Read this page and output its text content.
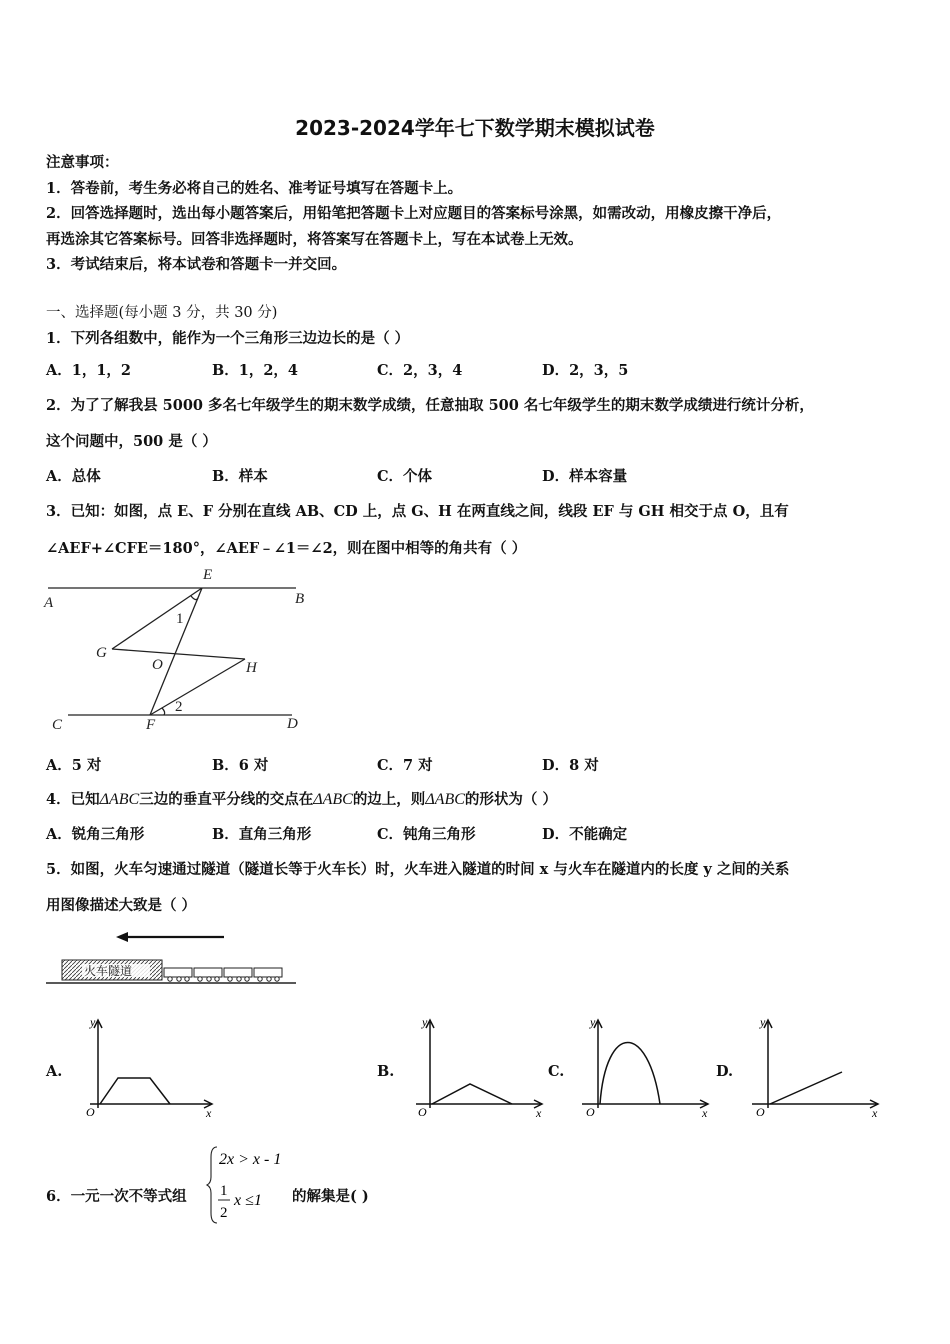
2023-2024学年七下数学期末模拟试卷
注意事项：
1．答卷前，考生务必将自己的姓名、准考证号填写在答题卡上。
2．回答选择题时，选出每小题答案后，用铅笔把答题卡上对应题目的答案标号涂黑，如需改动，用橡皮擦干净后，
再选涂其它答案标号。回答非选择题时，将答案写在答题卡上，写在本试卷上无效。
3．考试结束后，将本试卷和答题卡一并交回。
一、选择题(每小题 3 分，共 30 分)
1．下列各组数中，能作为一个三角形三边边长的是（ ）
A．1，1，2	B．1，2，4	C．2，3，4	D．2，3，5
2．为了了解我县 5000 多名七年级学生的期末数学成绩，任意抽取 500 名七年级学生的期末数学成绩进行统计分析，
这个问题中，500 是（ ）
A．总体	B．样本	C．个体	D．样本容量
3．已知：如图，点 E、F 分别在直线 AB、CD 上，点 G、H 在两直线之间，线段 EF 与 GH 相交于点 O，且有
∠AEF+∠CFE＝180°，∠AEF﹣∠1＝∠2，则在图中相等的角共有（ ）
A	B
E
1
G
O	H
2
C	F	D
A．5 对	B．6 对	C．7 对	D．8 对
4．已知ΔABC三边的垂直平分线的交点在ΔABC的边上，则ΔABC的形状为（ ）
A．锐角三角形	B．直角三角形	C．钝角三角形	D．不能确定
5．如图，火车匀速通过隧道（隧道长等于火车长）时，火车进入隧道的时间 x 与火车在隧道内的长度 y 之间的关系
用图像描述大致是（ ）
火车隧道
A.
y
O	x
B.
y
O	x
C.
y
O	x
D.
y
O	x
6．一元一次不等式组
2x > x - 1
1
2
x ≤1 的解集是( )
